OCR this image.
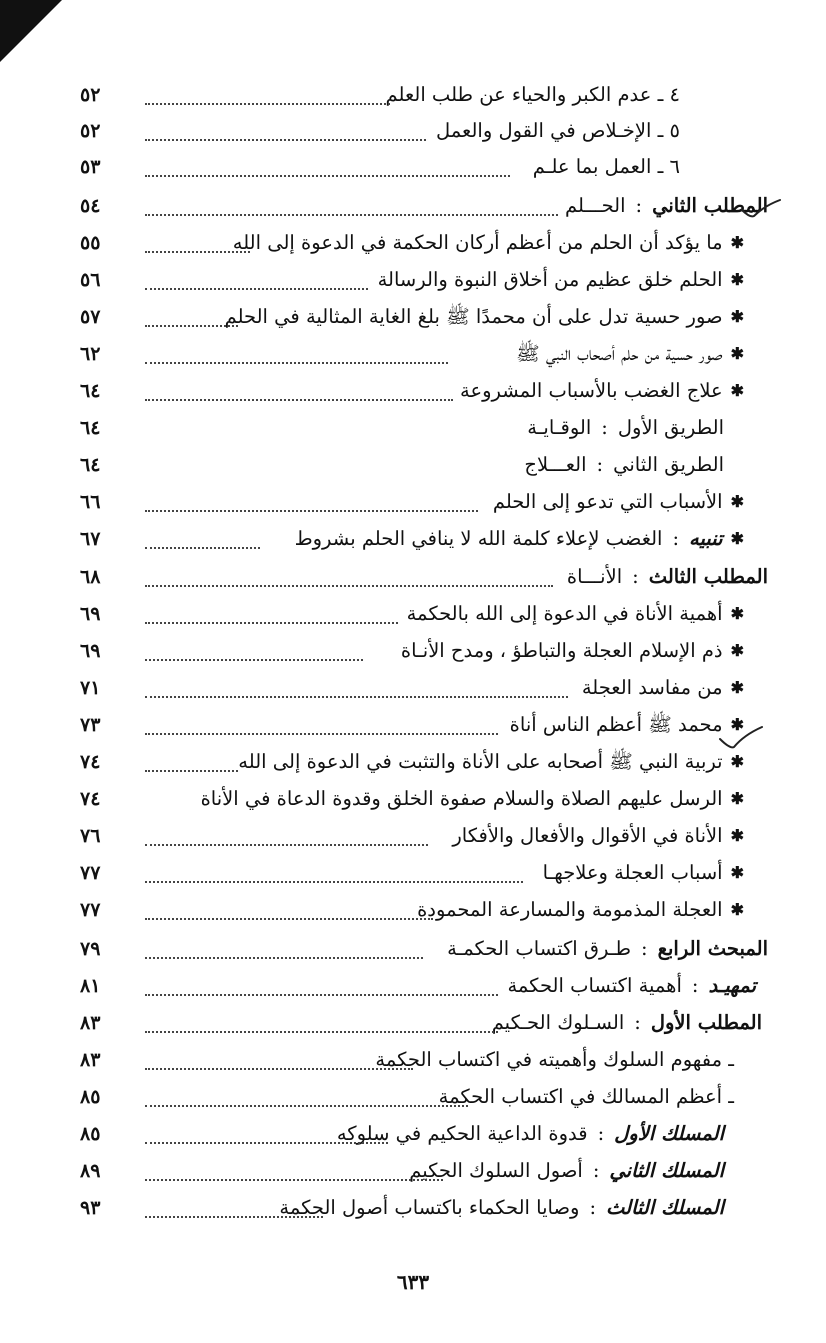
٤ ـ عدم الكبر والحياء عن طلب العلم
٥٢
٥ ـ الإخـلاص في القول والعمل
٥٢
٦ ـ العمل بما علـم
٥٣
المطلب الثاني
:
الحـــلم
٥٤
✱
ما يؤكد أن الحلم من أعظم أركان الحكمة في الدعوة إلى الله
٥٥
✱
الحلم خلق عظيم من أخلاق النبوة والرسالة
٥٦
✱
صور حسية تدل على أن محمدًا ﷺ بلغ الغاية المثالية في الحلم
٥٧
✱
صور حسية من حلم أصحاب النبي ﷺ
٦٢
✱
علاج الغضب بالأسباب المشروعة
٦٤
الطريق الأول
:
الوقـايـة
٦٤
الطريق الثاني
:
العـــلاج
٦٤
✱
الأسباب التي تدعو إلى الحلم
٦٦
✱
تنبيه
:
الغضب لإعلاء كلمة الله لا ينافي الحلم بشروط
٦٧
المطلب الثالث
:
الأنـــاة
٦٨
✱
أهمية الأناة في الدعوة إلى الله بالحكمة
٦٩
✱
ذم الإسلام العجلة والتباطؤ ، ومدح الأنـاة
٦٩
✱
من مفاسد العجلة
٧١
✱
محمد ﷺ أعظم الناس أناة
٧٣
✱
تربية النبي ﷺ أصحابه على الأناة والتثبت في الدعوة إلى الله
٧٤
✱
الرسل عليهم الصلاة والسلام صفوة الخلق وقدوة الدعاة في الأناة
٧٤
✱
الأناة في الأقوال والأفعال والأفكار
٧٦
✱
أسباب العجلة وعلاجهـا
٧٧
✱
العجلة المذمومة والمسارعة المحمودة
٧٧
المبحث الرابع
:
طـرق اكتساب الحكمـة
٧٩
تمهيـد
:
أهمية اكتساب الحكمة
٨١
المطلب الأول
:
السـلوك الحـكيم
٨٣
ـ مفهوم السلوك وأهميته في اكتساب الحكمة
٨٣
ـ أعظم المسالك في اكتساب الحكمة
٨٥
المسلك الأول
:
قدوة الداعية الحكيم في سلوكه
٨٥
المسلك الثاني
:
أصول السلوك الحكيم
٨٩
المسلك الثالث
:
وصايا الحكماء باكتساب أصول الحكمة
٩٣
٦٣٣
